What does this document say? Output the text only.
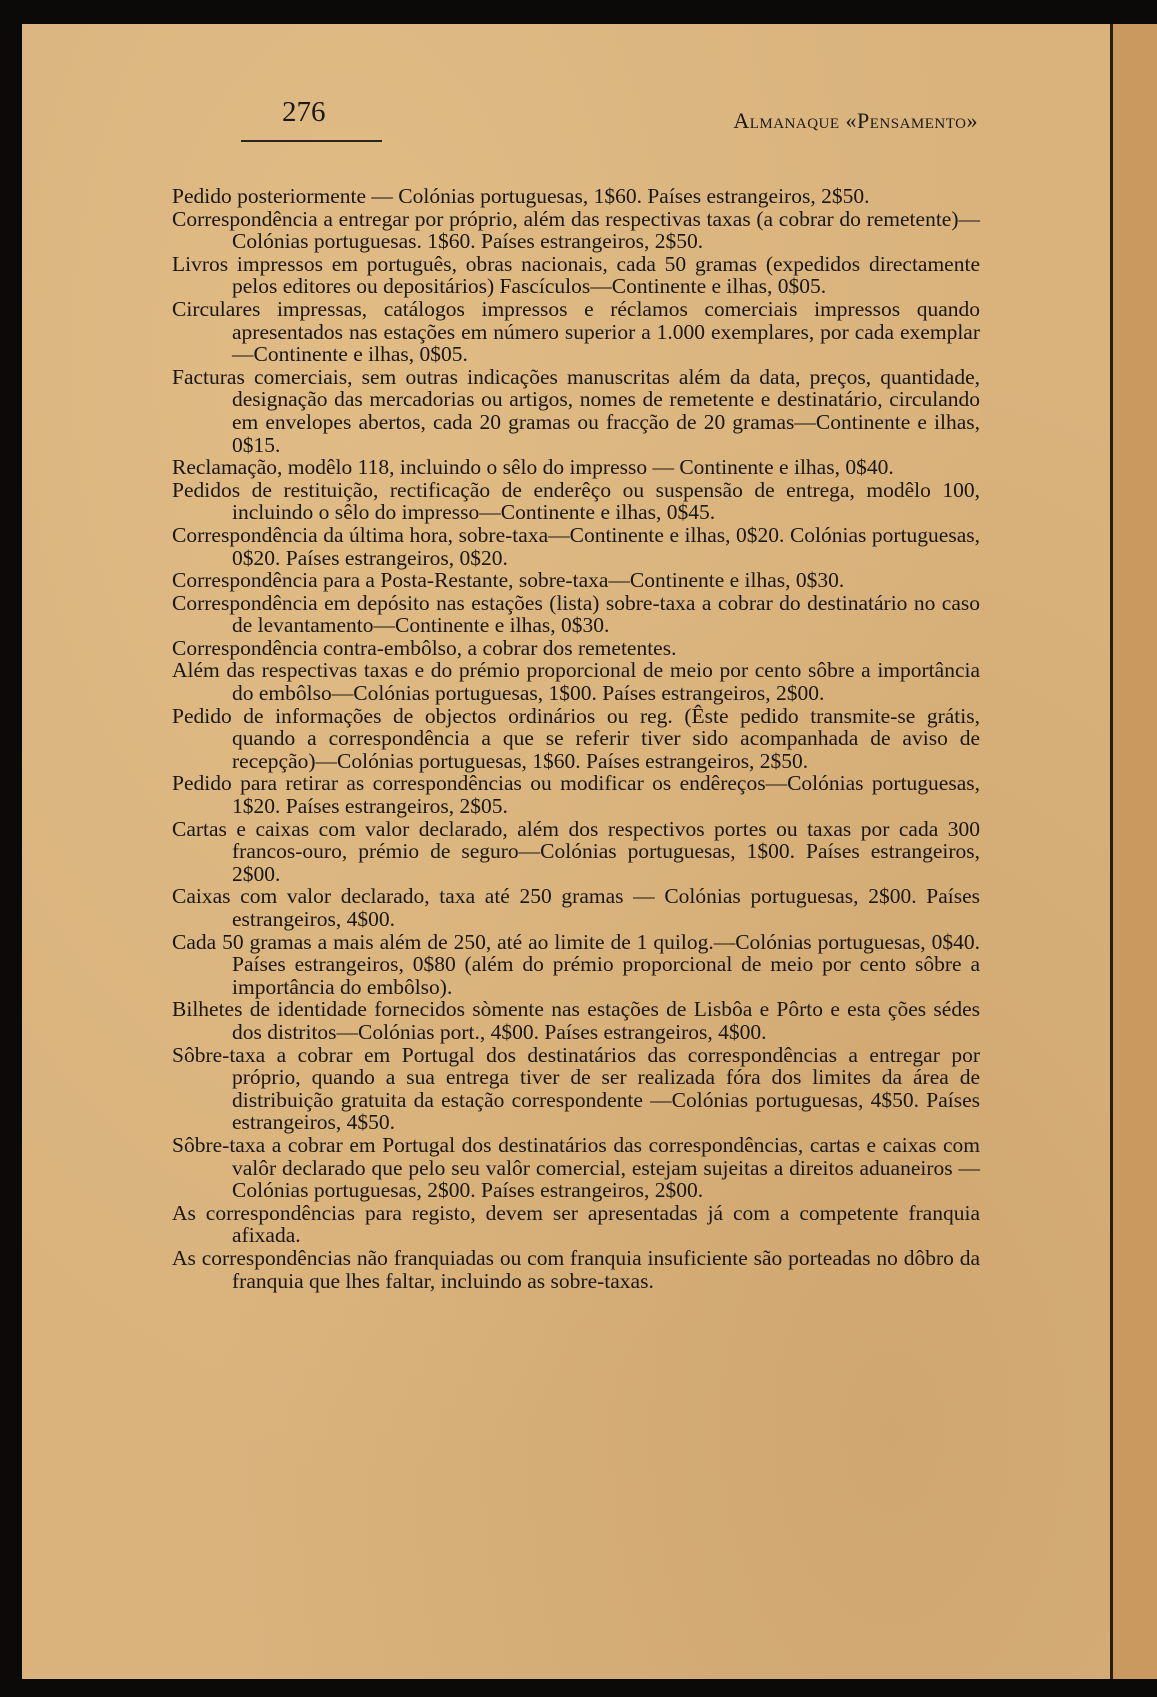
276	Almanaque «Pensamento»

Pedido posteriormente — Colónias portuguesas, 1$60. Países estrangeiros, 2$50.

Correspondência a entregar por próprio, além das respectivas taxas (a cobrar do remetente)—Colónias portuguesas. 1$60. Países estrangeiros, 2$50.

Livros impressos em português, obras nacionais, cada 50 gramas (expedidos directamente pelos editores ou depositários) Fascículos—Continente e ilhas, 0$05.

Circulares impressas, catálogos impressos e réclamos comerciais impressos quando apresentados nas estações em número superior a 1.000 exemplares, por cada exemplar—Continente e ilhas, 0$05.

Facturas comerciais, sem outras indicações manuscritas além da data, preços, quantidade, designação das mercadorias ou artigos, nomes de remetente e destinatário, circulando em envelopes abertos, cada 20 gramas ou fracção de 20 gramas—Continente e ilhas, 0$15.

Reclamação, modêlo 118, incluindo o sêlo do impresso — Continente e ilhas, 0$40.

Pedidos de restituição, rectificação de enderêço ou suspensão de entrega, modêlo 100, incluindo o sêlo do impresso—Continente e ilhas, 0$45.

Correspondência da última hora, sobre-taxa—Continente e ilhas, 0$20. Colónias portuguesas, 0$20. Países estrangeiros, 0$20.

Correspondência para a Posta-Restante, sobre-taxa—Continente e ilhas, 0$30.

Correspondência em depósito nas estações (lista) sobre-taxa a cobrar do destinatário no caso de levantamento—Continente e ilhas, 0$30.

Correspondência contra-embôlso, a cobrar dos remetentes.

Além das respectivas taxas e do prémio proporcional de meio por cento sôbre a importância do embôlso—Colónias portuguesas, 1$00. Países estrangeiros, 2$00.

Pedido de informações de objectos ordinários ou reg. (Êste pedido transmite-se grátis, quando a correspondência a que se referir tiver sido acompanhada de aviso de recepção)—Colónias portuguesas, 1$60. Países estrangeiros, 2$50.

Pedido para retirar as correspondências ou modificar os endêreços—Colónias portuguesas, 1$20. Países estrangeiros, 2$05.

Cartas e caixas com valor declarado, além dos respectivos portes ou taxas por cada 300 francos-ouro, prémio de seguro—Colónias portuguesas, 1$00. Países estrangeiros, 2$00.

Caixas com valor declarado, taxa até 250 gramas — Colónias portuguesas, 2$00. Países estrangeiros, 4$00.

Cada 50 gramas a mais além de 250, até ao limite de 1 quilog.—Colónias portuguesas, 0$40. Países estrangeiros, 0$80 (além do prémio proporcional de meio por cento sôbre a importância do embôlso).

Bilhetes de identidade fornecidos sòmente nas estações de Lisbôa e Pôrto e esta ções sédes dos distritos—Colónias port., 4$00. Países estrangeiros, 4$00.

Sôbre-taxa a cobrar em Portugal dos destinatários das correspondências a entregar por próprio, quando a sua entrega tiver de ser realizada fóra dos limites da área de distribuição gratuita da estação correspondente —Colónias portuguesas, 4$50. Países estrangeiros, 4$50.

Sôbre-taxa a cobrar em Portugal dos destinatários das correspondências, cartas e caixas com valôr declarado que pelo seu valôr comercial, estejam sujeitas a direitos aduaneiros — Colónias portuguesas, 2$00. Países estrangeiros, 2$00.

As correspondências para registo, devem ser apresentadas já com a competente franquia afixada.

As correspondências não franquiadas ou com franquia insuficiente são porteadas no dôbro da franquia que lhes faltar, incluindo as sobre-taxas.
